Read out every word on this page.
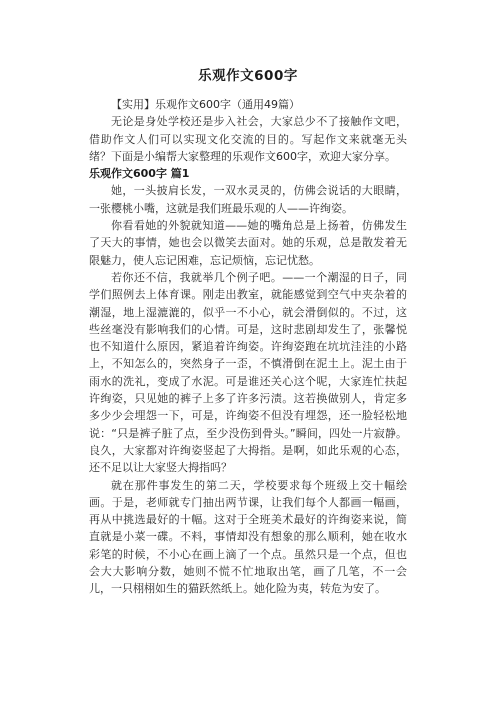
乐观作文600字

【实用】乐观作文600字（通用49篇）

无论是身处学校还是步入社会，大家总少不了接触作文吧，借助作文人们可以实现文化交流的目的。写起作文来就毫无头绪？下面是小编帮大家整理的乐观作文600字，欢迎大家分享。

乐观作文600字 篇1

她，一头披肩长发，一双水灵灵的，仿佛会说话的大眼睛，一张樱桃小嘴，这就是我们班最乐观的人——许绚姿。

你看看她的外貌就知道——她的嘴角总是上扬着，仿佛发生了天大的事情，她也会以微笑去面对。她的乐观，总是散发着无限魅力，使人忘记困难，忘记烦恼，忘记忧愁。

若你还不信，我就举几个例子吧。——一个潮湿的日子，同学们照例去上体育课。刚走出教室，就能感觉到空气中夹杂着的潮湿，地上湿漉漉的，似乎一不小心，就会滑倒似的。不过，这些丝毫没有影响我们的心情。可是，这时悲剧却发生了，张馨悦也不知道什么原因，紧追着许绚姿。许绚姿跑在坑坑洼洼的小路上，不知怎么的，突然身子一歪，不慎滑倒在泥土上。泥土由于雨水的洗礼，变成了水泥。可是谁还关心这个呢，大家连忙扶起许绚姿，只见她的裤子上多了许多污渍。这若换做别人，肯定多多少少会埋怨一下，可是，许绚姿不但没有埋怨，还一脸轻松地说：“只是裤子脏了点，至少没伤到骨头。”瞬间，四处一片寂静。良久，大家都对许绚姿竖起了大拇指。是啊，如此乐观的心态，还不足以让大家竖大拇指吗？

就在那件事发生的第二天，学校要求每个班级上交十幅绘画。于是，老师就专门抽出两节课，让我们每个人都画一幅画，再从中挑选最好的十幅。这对于全班美术最好的许绚姿来说，简直就是小菜一碟。不料，事情却没有想象的那么顺利，她在收水彩笔的时候，不小心在画上滴了一个点。虽然只是一个点，但也会大大影响分数，她则不慌不忙地取出笔，画了几笔，不一会儿，一只栩栩如生的猫跃然纸上。她化险为夷，转危为安了。
